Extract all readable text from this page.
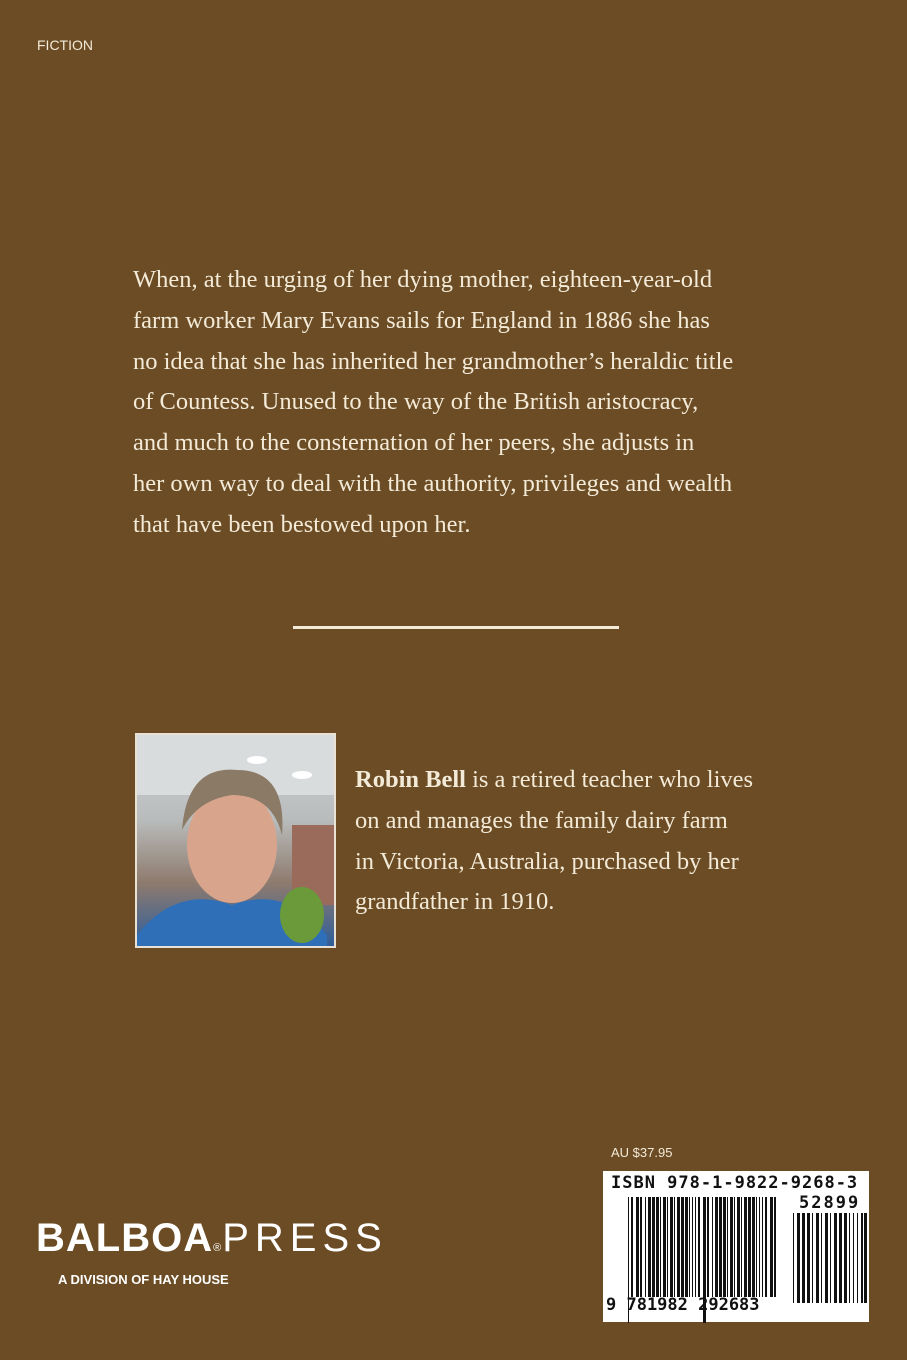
FICTION
When, at the urging of her dying mother, eighteen-year-old
farm worker Mary Evans sails for England in 1886 she has
no idea that she has inherited her grandmother’s heraldic title
of Countess. Unused to the way of the British aristocracy,
and much to the consternation of her peers, she adjusts in
her own way to deal with the authority, privileges and wealth
that have been bestowed upon her.
Robin Bell is a retired teacher who lives
on and manages the family dairy farm
in Victoria, Australia, purchased by her
grandfather in 1910.
BALBOA®PRESS
A DIVISION OF HAY HOUSE
AU $37.95
ISBN 978-1-9822-9268-3
52899
9 781982 292683
